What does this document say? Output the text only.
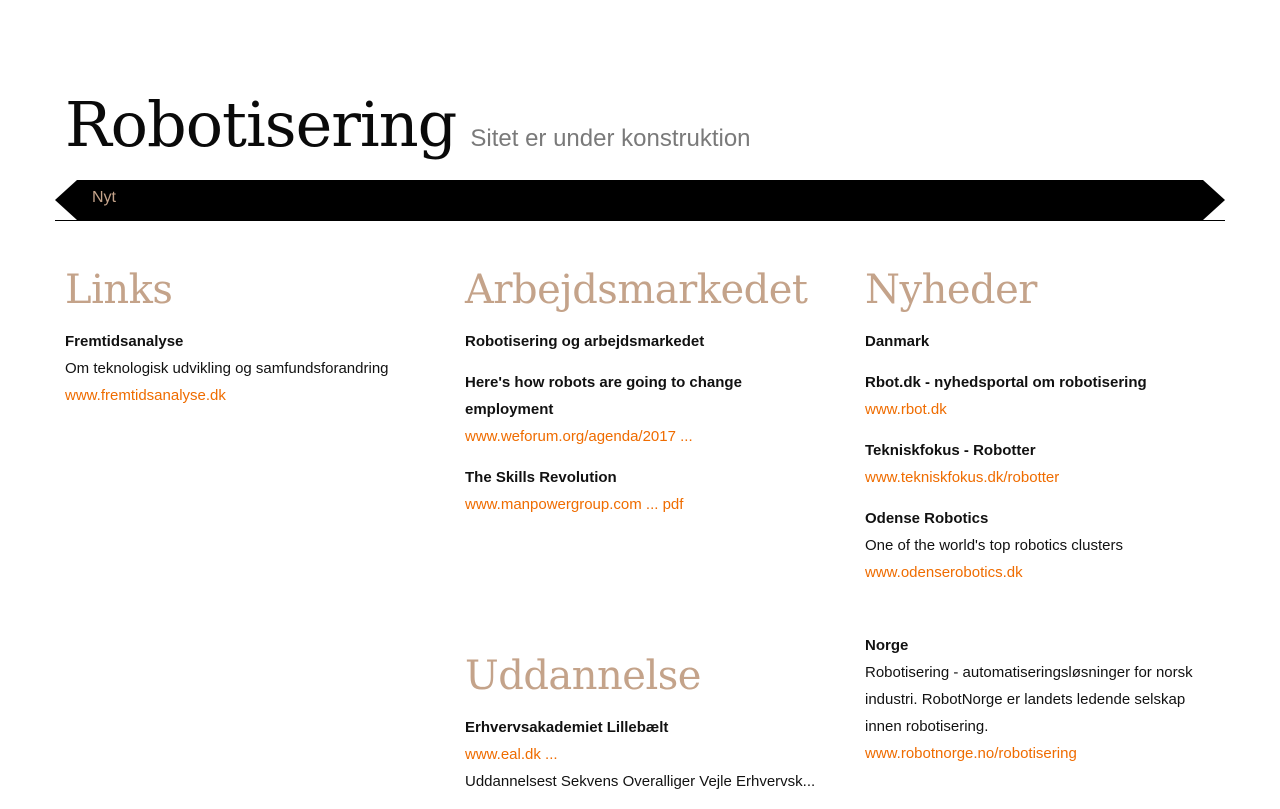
Robotisering Sitet er under konstruktion
Nyt
Links
Fremtidsanalyse
Om teknologisk udvikling og samfundsforandring
www.fremtidsanalyse.dk
Arbejdsmarkedet
Robotisering og arbejdsmarkedet
Here's how robots are going to change employment
www.weforum.org/agenda/2017 ...
The Skills Revolution
www.manpowergroup.com ... pdf
Uddannelse
Erhvervsakademiet Lillebælt
www.eal.dk ...
Uddannelsest Sekvens Overalliger Vejle Erhvervsk...
Nyheder
Danmark
Rbot.dk - nyhedsportal om robotisering
www.rbot.dk
Tekniskfokus - Robotter
www.tekniskfokus.dk/robotter
Odense Robotics
One of the world's top robotics clusters
www.odenserobotics.dk
Norge
Robotisering - automatiseringsløsninger for norsk industri. RobotNorge er landets ledende selskap innen robotisering.
www.robotnorge.no/robotisering
